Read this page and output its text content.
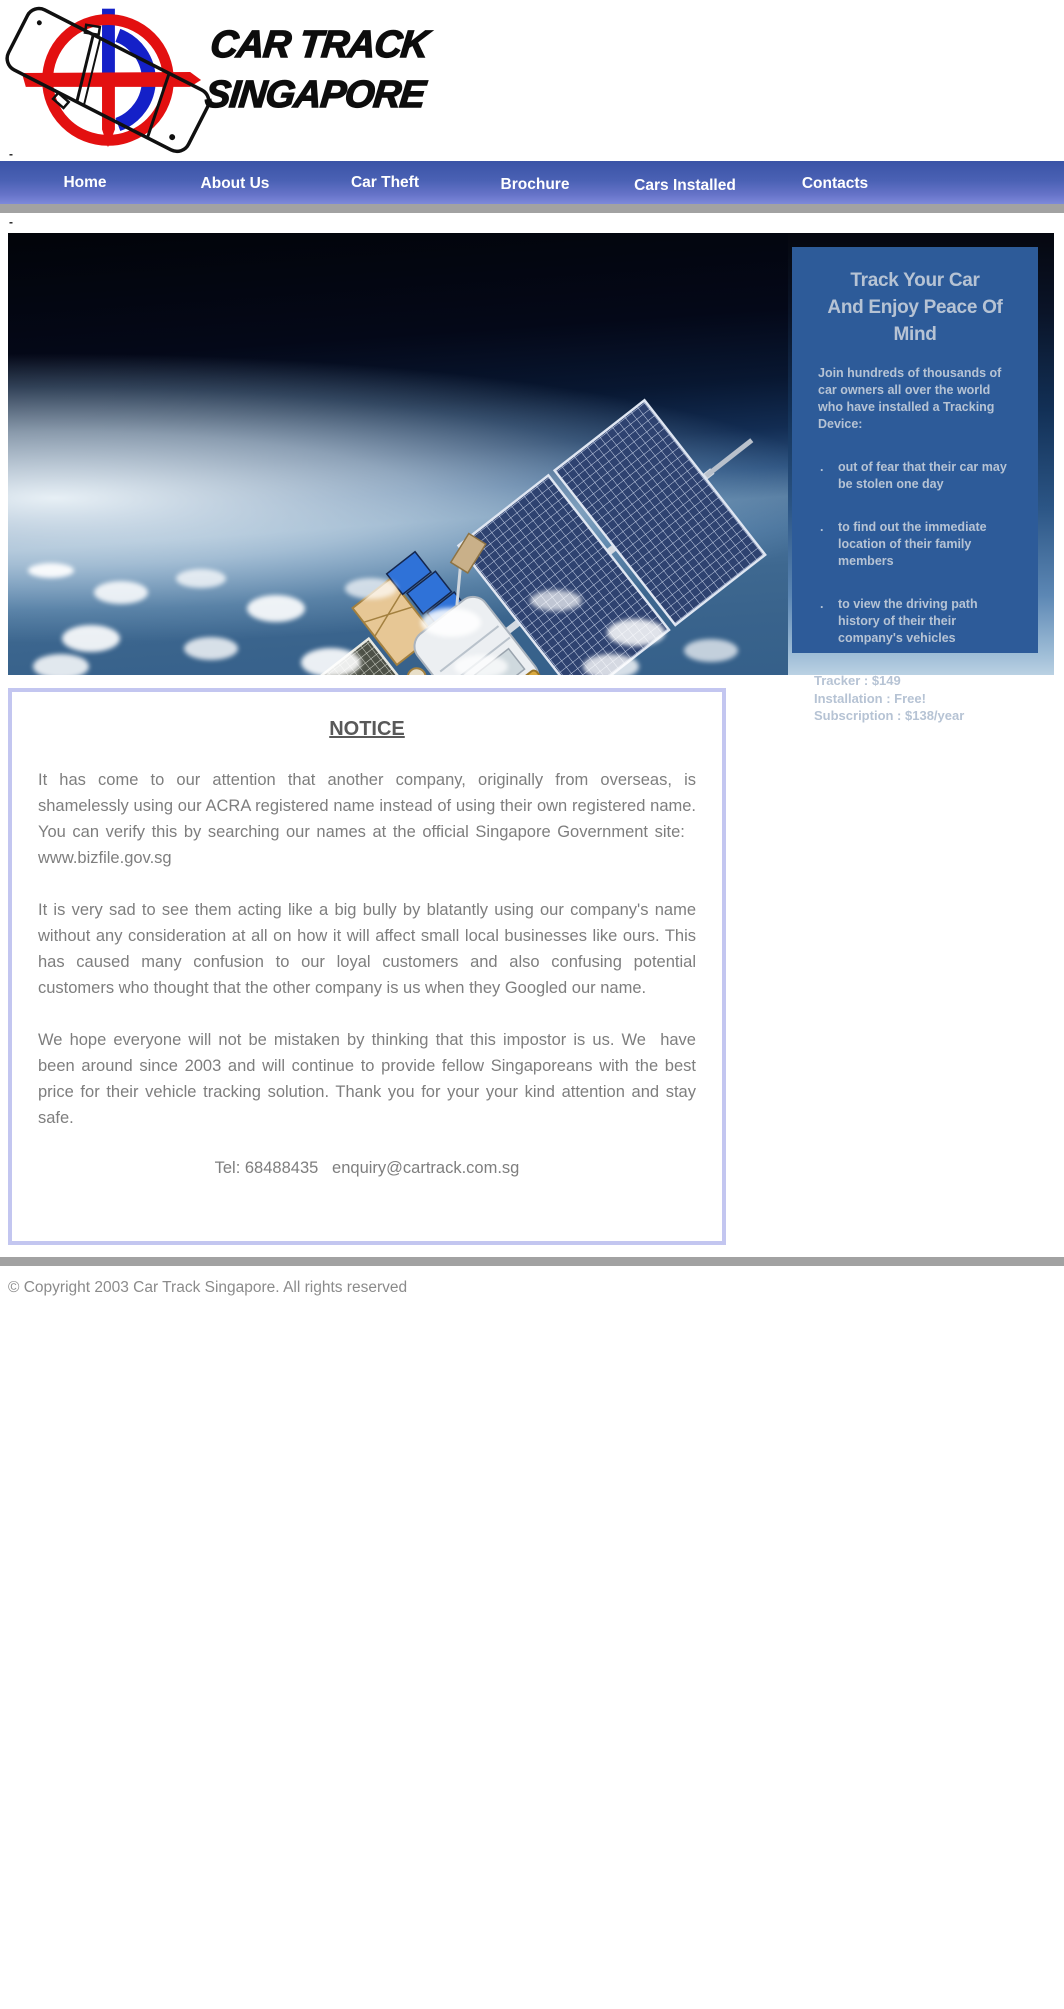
CAR TRACK
SINGAPORE
-
Home	About Us	Car Theft	Brochure	Cars Installed	Contacts
-
Track Your Car
And Enjoy Peace Of Mind

Join hundreds of thousands of car owners all over the world who have installed a Tracking Device:

.	out of fear that their car may be stolen one day
.	to find out the immediate location of their family members
.	to view the driving path history of their their company's vehicles
Tracker : $149
Installation : Free!
Subscription : $138/year
NOTICE

It has come to our attention that another company, originally from overseas, is shamelessly using our ACRA registered name instead of using their own registered name. You can verify this by searching our names at the official Singapore Government site:   www.bizfile.gov.sg

It is very sad to see them acting like a big bully by blatantly using our company's name without any consideration at all on how it will affect small local businesses like ours. This has caused many confusion to our loyal customers and also confusing potential customers who thought that the other company is us when they Googled our name.

We hope everyone will not be mistaken by thinking that this impostor is us. We  have been around since 2003 and will continue to provide fellow Singaporeans with the best price for their vehicle tracking solution. Thank you for your your kind attention and stay safe.

Tel: 68488435   enquiry@cartrack.com.sg

© Copyright 2003 Car Track Singapore. All rights reserved
